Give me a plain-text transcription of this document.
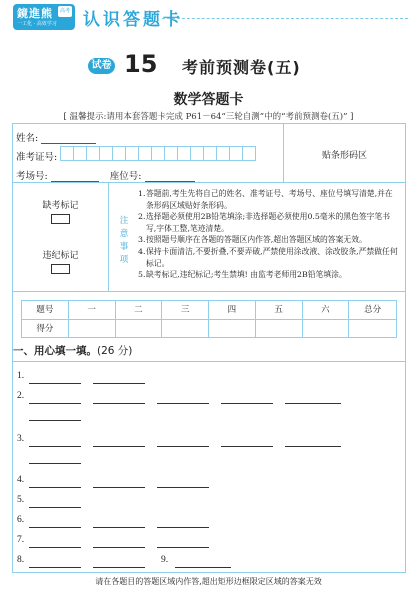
鏡進熊	高考
一工化 · 高效学习 认识答题卡
试卷 15 考前预测卷(五)
数学答题卡
[ 温馨提示:请用本套答题卡完成 P61－64“三轮自测”中的“考前预测卷(五)” ]
姓名:
准考证号:
考场号:	座位号:
贴条形码区
缺考标记
违纪标记
注
意
事
项
1. 答题前,考生先将自己的姓名、准考证号、考场号、座位号填写清楚,并在条形码区域贴好条形码。
2. 选择题必须使用2B铅笔填涂;非选择题必须使用0.5毫米的黑色签字笔书写,字体工整,笔迹清楚。
3. 按照题号顺序在各题的答题区内作答,超出答题区域的答案无效。
4. 保持卡面清洁,不要折叠,不要弄破,严禁使用涂改液、涂改胶条,严禁做任何标记。
5. 缺考标记,违纪标记;考生禁填! 由监考老师用2B铅笔填涂。
题号	一	二	三	四	五	六	总分
得分
一、用心填一填。(26 分)
1.
2.
3.
4.
5.
6.
7.
8.	9.
请在各题目的答题区域内作答,超出矩形边框限定区域的答案无效
